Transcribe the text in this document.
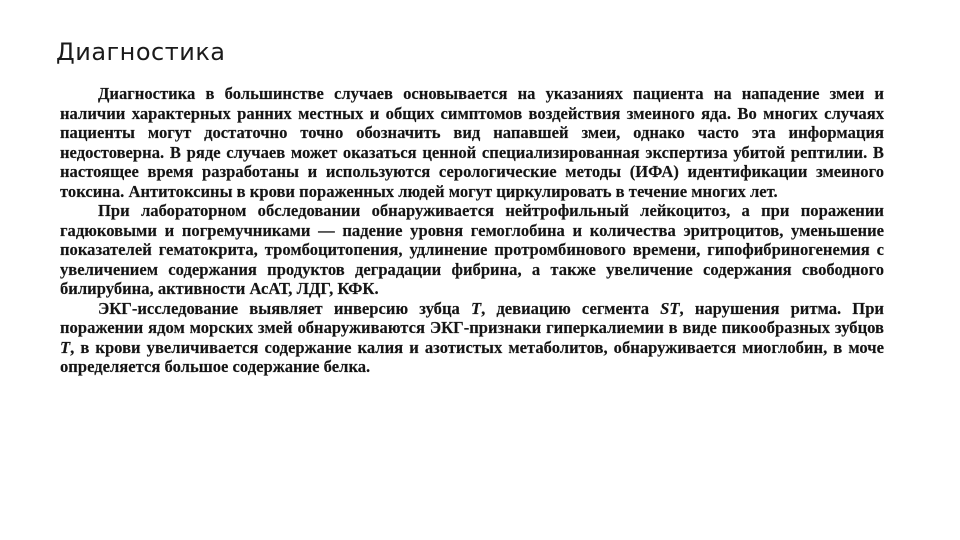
Диагностика

Диагностика в большинстве случаев основывается на указаниях пациента на нападение змеи и наличии характерных ранних местных и общих симптомов воздействия змеиного яда. Во многих случаях пациенты могут достаточно точно обозначить вид напавшей змеи, однако часто эта информация недостоверна. В ряде случаев может оказаться ценной специализированная экспертиза убитой рептилии. В настоящее время разработаны и используются серологические методы (ИФА) идентификации змеиного токсина. Антитоксины в крови пораженных людей могут циркулировать в течение многих лет.

При лабораторном обследовании обнаруживается нейтрофильный лейкоцитоз, а при поражении гадюковыми и погремучниками — падение уровня гемоглобина и количества эритроцитов, уменьшение показателей гематокрита, тромбоцитопения, удлинение протромбинового времени, гипофибриногенемия с увеличением содержания продуктов деградации фибрина, а также увеличение содержания свободного билирубина, активности АсАТ, ЛДГ, КФК.

ЭКГ-исследование выявляет инверсию зубца T, девиацию сегмента ST, нарушения ритма. При поражении ядом морских змей обнаруживаются ЭКГ-признаки гиперкалиемии в виде пикообразных зубцов T, в крови увеличивается содержание калия и азотистых метаболитов, обнаруживается миоглобин, в моче определяется большое содержание белка.
